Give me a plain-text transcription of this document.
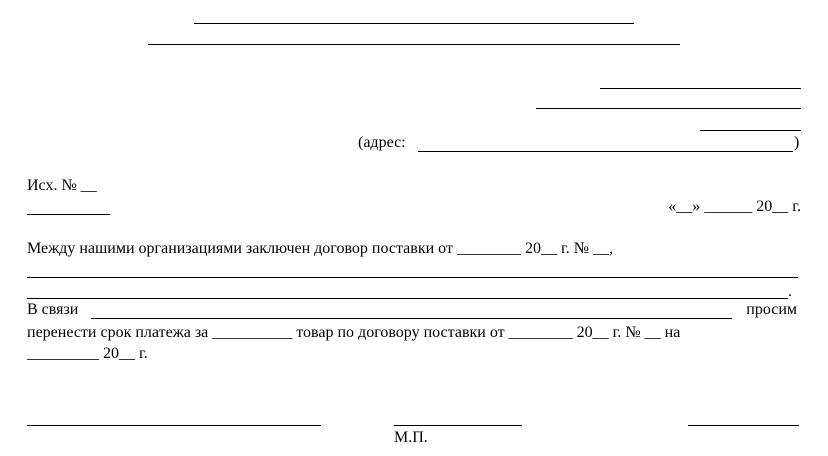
(адрес:	)
Исх. № __
«__» ______ 20__ г.
Между нашими организациями заключен договор поставки от ________ 20__ г. № __,
.
В связи	просим
перенести срок платежа за __________ товар по договору поставки от ________ 20__ г. № __ на
_________ 20__ г.
М.П.
